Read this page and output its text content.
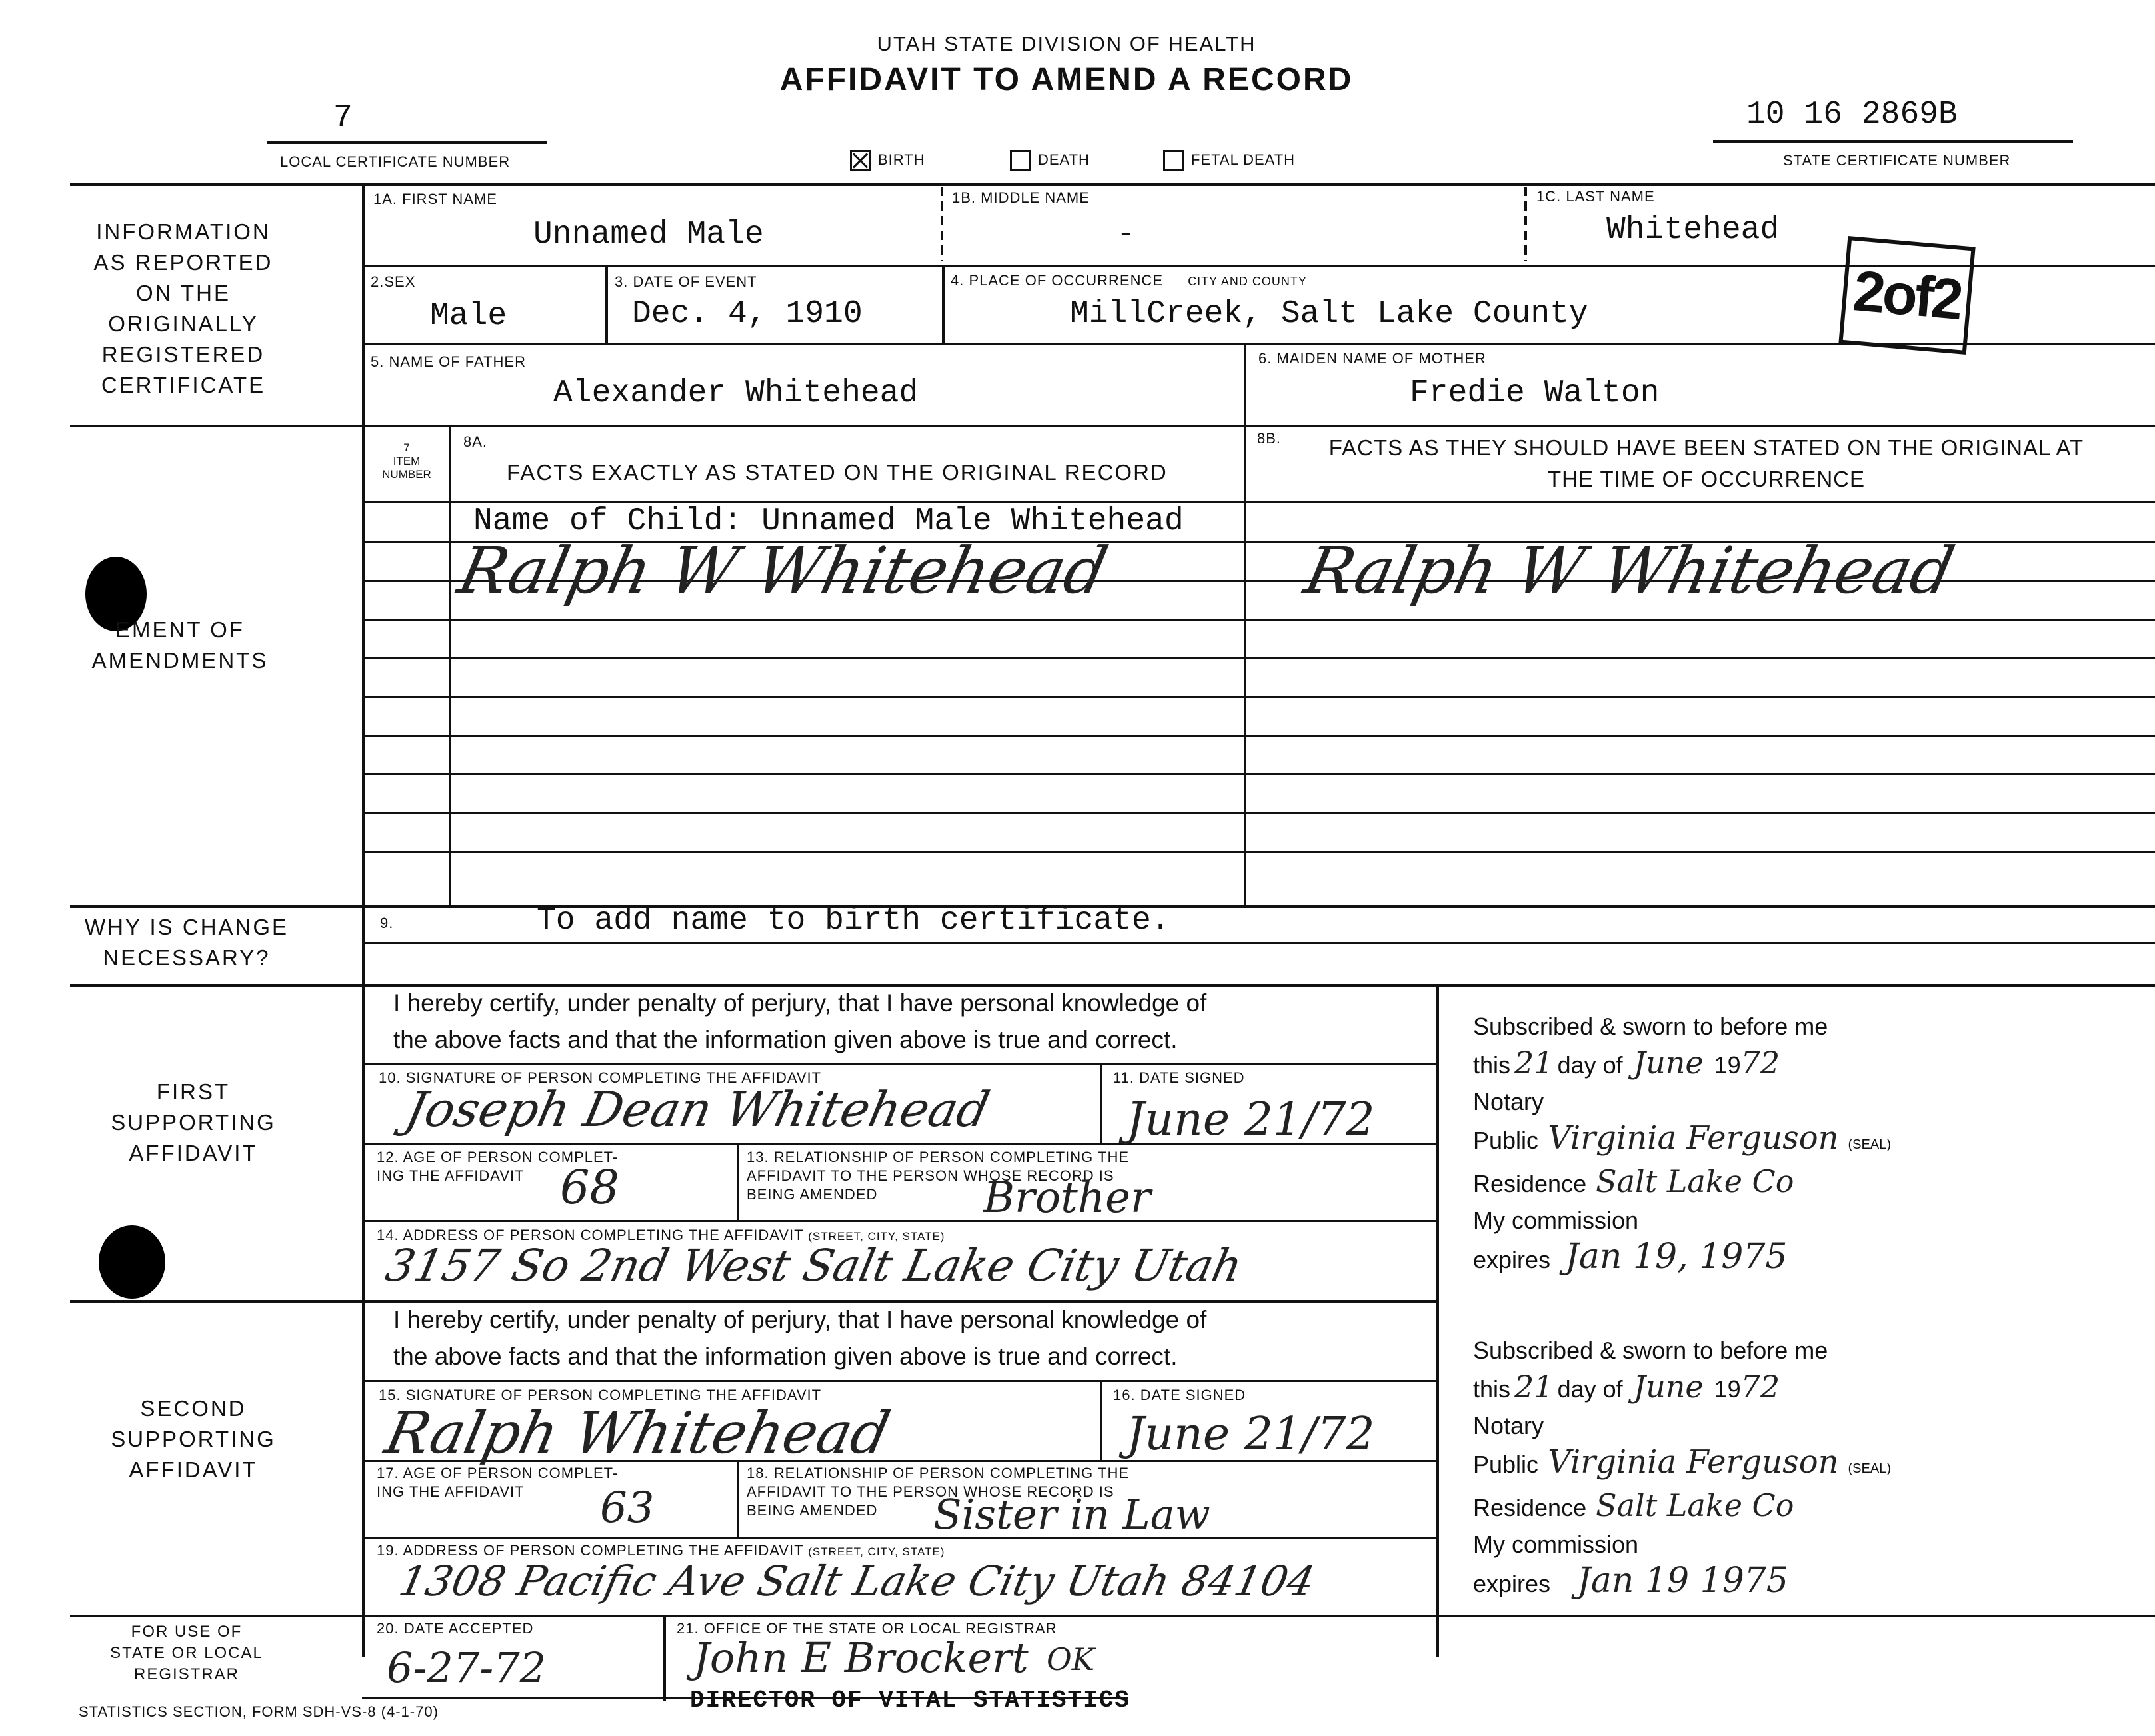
UTAH STATE DIVISION OF HEALTH
AFFIDAVIT TO AMEND A RECORD
7
LOCAL CERTIFICATE NUMBER
10 16 2869B
STATE CERTIFICATE NUMBER
BIRTH	DEATH	FETAL DEATH
INFORMATION AS REPORTED ON THE ORIGINALLY REGISTERED CERTIFICATE
1A. FIRST NAME
Unnamed Male
1B. MIDDLE NAME
-
1C. LAST NAME
Whitehead
2.SEX
Male
3. DATE OF EVENT
Dec. 4, 1910
4. PLACE OF OCCURRENCE CITY AND COUNTY
MillCreek, Salt Lake County
5. NAME OF FATHER
Alexander Whitehead
6. MAIDEN NAME OF MOTHER
Fredie Walton
2of2
7
ITEM NUMBER
8A.
FACTS EXACTLY AS STATED ON THE ORIGINAL RECORD
8B.	FACTS AS THEY SHOULD HAVE BEEN STATED ON THE ORIGINAL AT THE TIME OF OCCURRENCE
Name of Child: Unnamed Male Whitehead
Ralph W Whitehead	Ralph W Whitehead
EMENT OF AMENDMENTS
WHY IS CHANGE NECESSARY?
9.	To add name to birth certificate.
FIRST SUPPORTING AFFIDAVIT
I hereby certify, under penalty of perjury, that I have personal knowledge of
the above facts and that the information given above is true and correct.
10. SIGNATURE OF PERSON COMPLETING THE AFFIDAVIT
Joseph Dean Whitehead
11. DATE SIGNED
June 21/72
12. AGE OF PERSON COMPLET-
ING THE AFFIDAVIT 68
13. RELATIONSHIP OF PERSON COMPLETING THE
AFFIDAVIT TO THE PERSON WHOSE RECORD IS
BEING AMENDED	Brother
14. ADDRESS OF PERSON COMPLETING THE AFFIDAVIT (STREET, CITY, STATE)
3157 So 2nd West Salt Lake City Utah
Subscribed & sworn to before me
this 21 day of June 1972
Notary
Public Virginia Ferguson (SEAL)
Residence Salt Lake Co
My commission
expires Jan 19, 1975
SECOND SUPPORTING AFFIDAVIT
I hereby certify, under penalty of perjury, that I have personal knowledge of
the above facts and that the information given above is true and correct.
15. SIGNATURE OF PERSON COMPLETING THE AFFIDAVIT
Ralph Whitehead
16. DATE SIGNED
June 21/72
17. AGE OF PERSON COMPLET-
ING THE AFFIDAVIT	63
18. RELATIONSHIP OF PERSON COMPLETING THE
AFFIDAVIT TO THE PERSON WHOSE RECORD IS
BEING AMENDED	Sister in Law
19. ADDRESS OF PERSON COMPLETING THE AFFIDAVIT (STREET, CITY, STATE)
1308 Pacific Ave Salt Lake City Utah 84104
Subscribed & sworn to before me
this 21 day of June 1972
Notary
Public Virginia Ferguson (SEAL)
Residence Salt Lake Co
My commission
expires Jan 19 1975
FOR USE OF STATE OR LOCAL REGISTRAR
20. DATE ACCEPTED
6-27-72
21. OFFICE OF THE STATE OR LOCAL REGISTRAR
John E Brockert OK
DIRECTOR OF VITAL STATISTICS
STATISTICS SECTION, FORM SDH-VS-8 (4-1-70)
